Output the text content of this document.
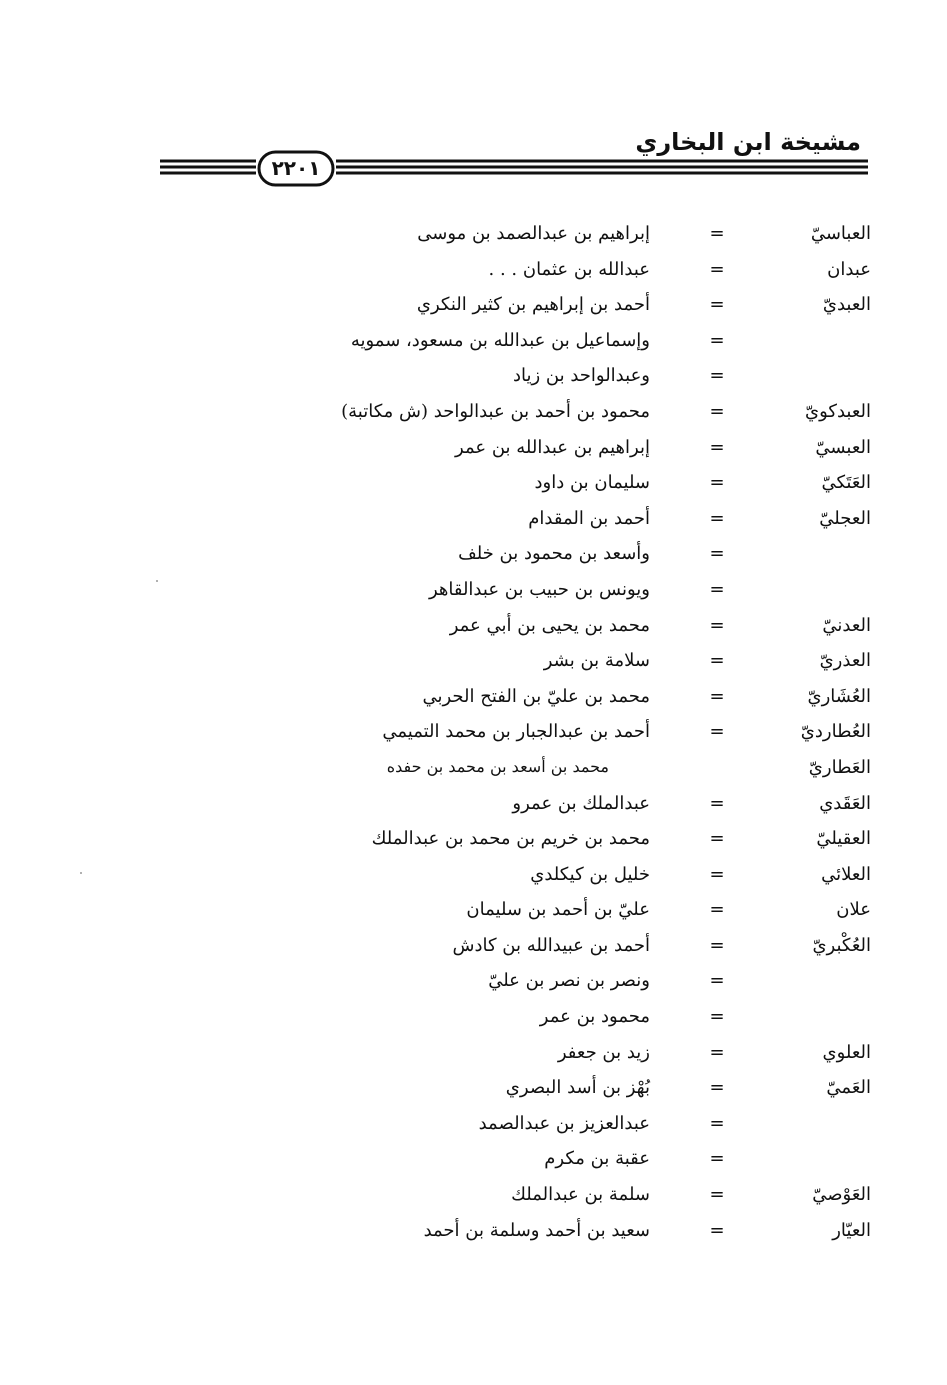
مشيخة ابن البخاري
٢٢٠١
العباسيّ
=
إبراهيم بن عبدالصمد بن موسى
عبدان
=
عبدالله بن عثمان . . .
العبديّ
=
أحمد بن إبراهيم بن كثير النكري
=
وإسماعيل بن عبدالله بن مسعود، سمويه
=
وعبدالواحد بن زياد
العبدكويّ
=
محمود بن أحمد بن عبدالواحد (ش مكاتبة)
العبسيّ
=
إبراهيم بن عبدالله بن عمر
العَتَكيّ
=
سليمان بن داود
العجليّ
=
أحمد بن المقدام
=
وأسعد بن محمود بن خلف
=
ويونس بن حبيب بن عبدالقاهر
العدنيّ
=
محمد بن يحيى بن أبي عمر
العذريّ
=
سلامة بن بشر
العُشَاريّ
=
محمد بن عليّ بن الفتح الحربي
العُطارديّ
=
أحمد بن عبدالجبار بن محمد التميمي
العَطاريّ
محمد بن أسعد بن محمد بن حفده
العَقَدي
=
عبدالملك بن عمرو
العقيليّ
=
محمد بن خريم بن محمد بن عبدالملك
العلائي
=
خليل بن كيكلدي
علان
=
عليّ بن أحمد بن سليمان
العُكْبريّ
=
أحمد بن عبيدالله بن كادش
=
ونصر بن نصر بن عليّ
=
محمود بن عمر
العلوي
=
زيد بن جعفر
العَميّ
=
بُهْز بن أسد البصري
=
عبدالعزيز بن عبدالصمد
=
عقبة بن مكرم
العَوْصيّ
=
سلمة بن عبدالملك
العيّار
=
سعيد بن أحمد وسلمة بن أحمد
